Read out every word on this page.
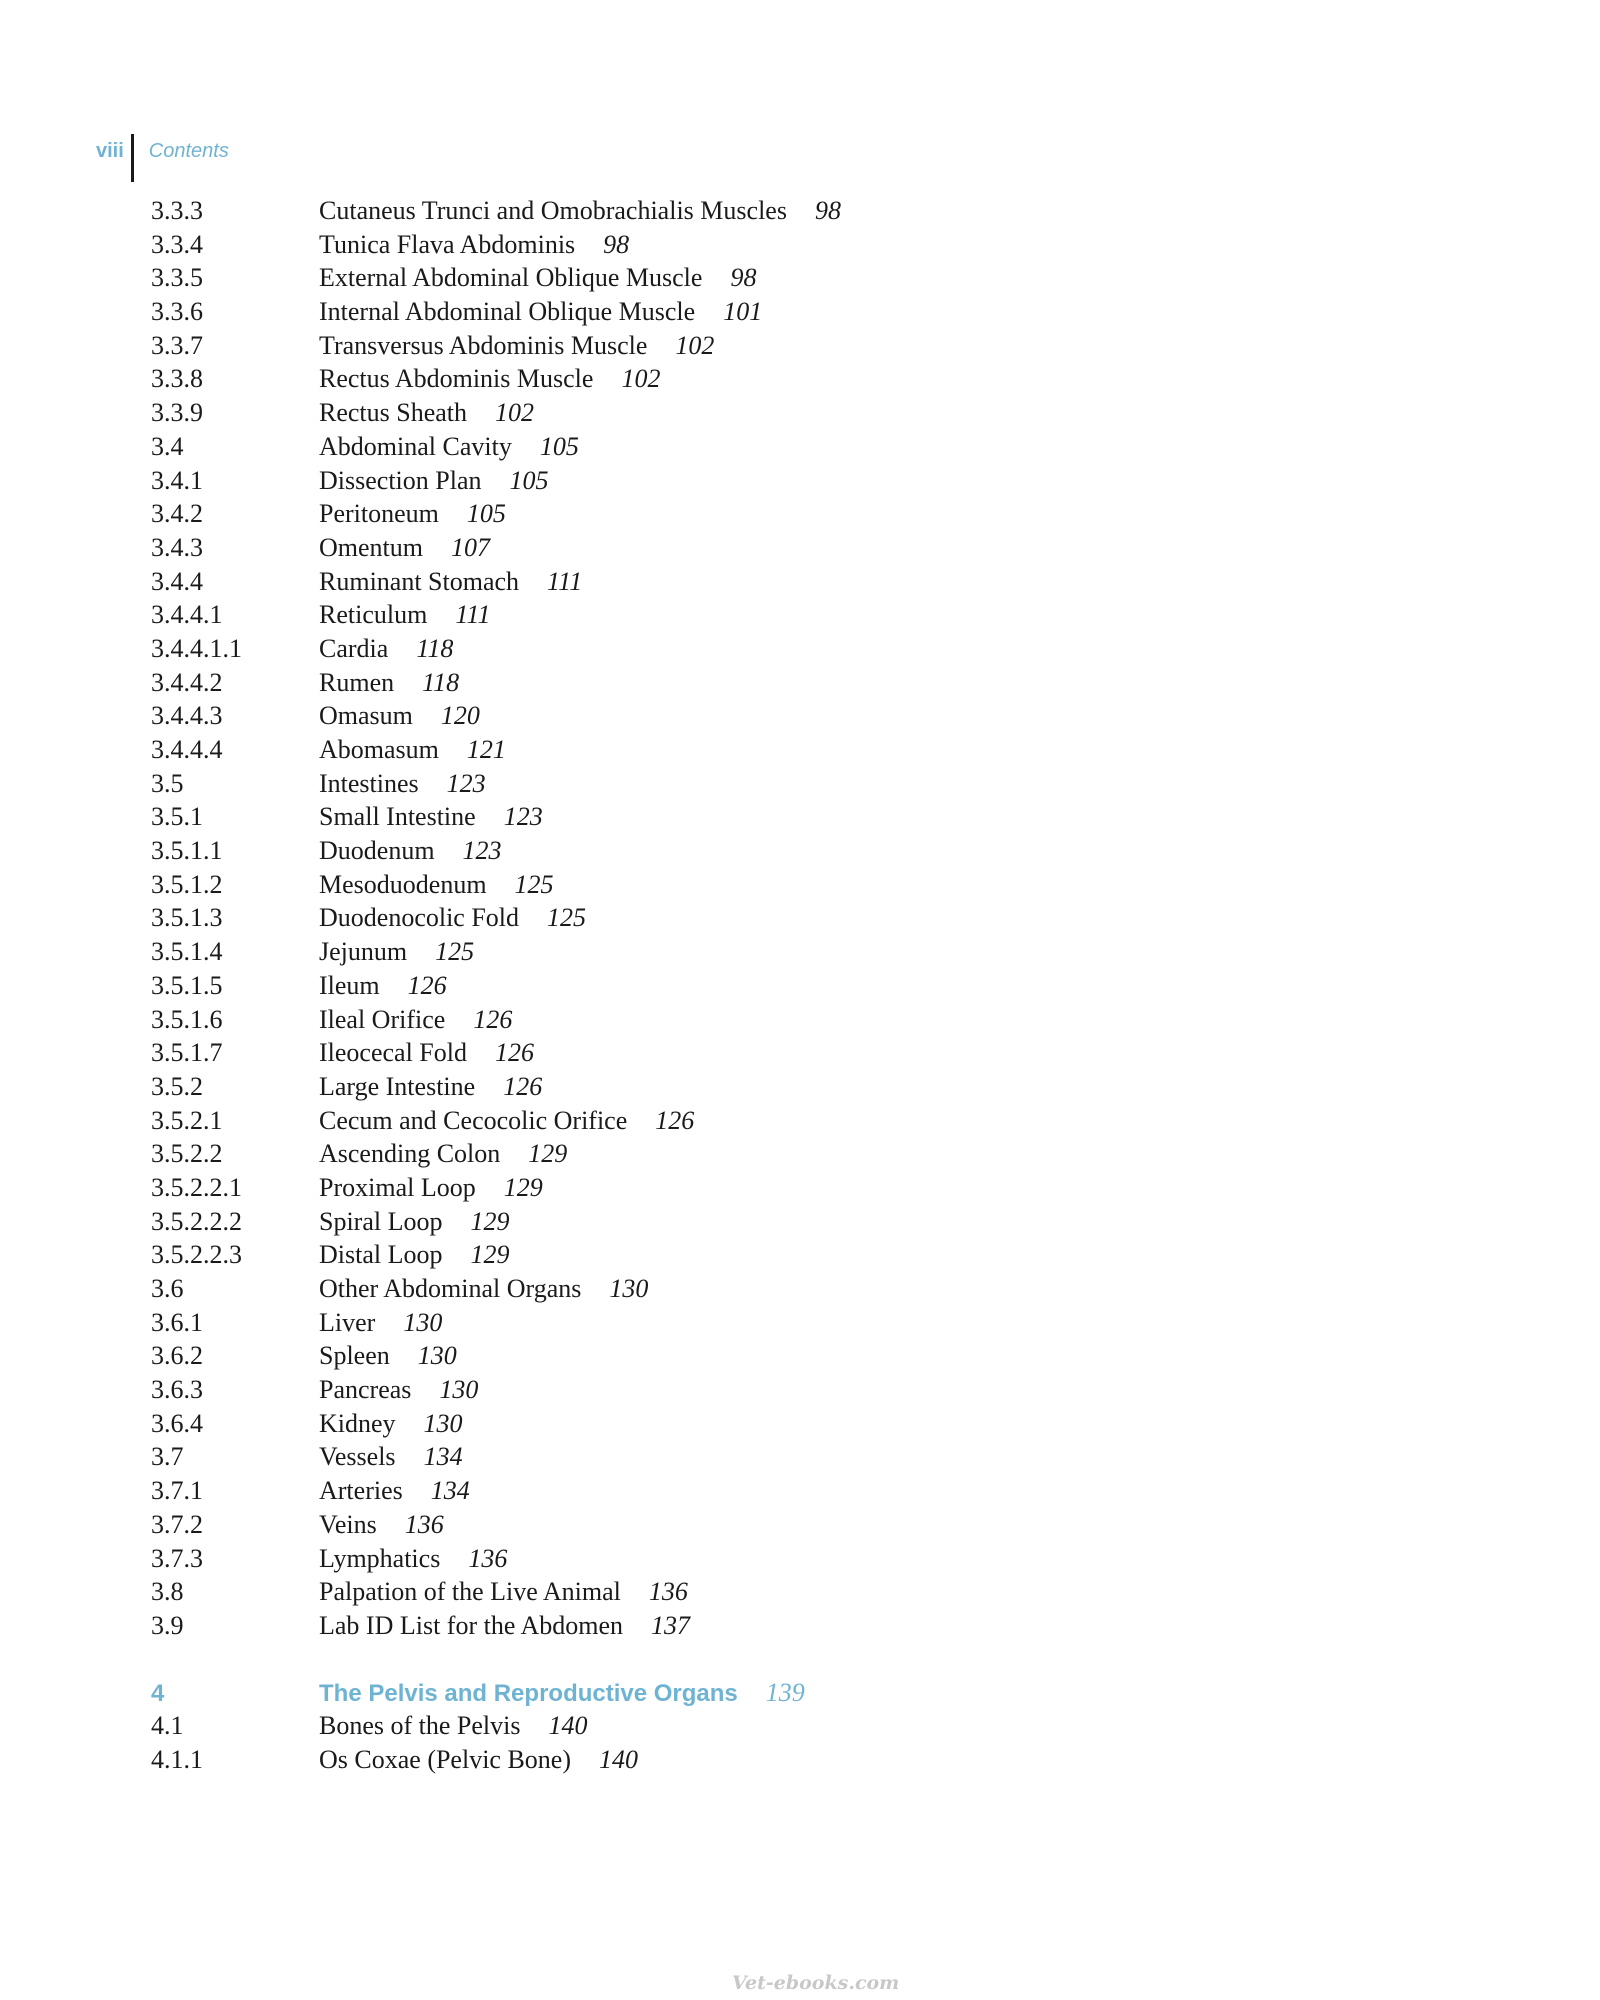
viii	Contents
3.3.3	Cutaneus Trunci and Omobrachialis Muscles	98
3.3.4	Tunica Flava Abdominis	98
3.3.5	External Abdominal Oblique Muscle	98
3.3.6	Internal Abdominal Oblique Muscle	101
3.3.7	Transversus Abdominis Muscle	102
3.3.8	Rectus Abdominis Muscle	102
3.3.9	Rectus Sheath	102
3.4	Abdominal Cavity	105
3.4.1	Dissection Plan	105
3.4.2	Peritoneum	105
3.4.3	Omentum	107
3.4.4	Ruminant Stomach	111
3.4.4.1	Reticulum	111
3.4.4.1.1	Cardia	118
3.4.4.2	Rumen	118
3.4.4.3	Omasum	120
3.4.4.4	Abomasum	121
3.5	Intestines	123
3.5.1	Small Intestine	123
3.5.1.1	Duodenum	123
3.5.1.2	Mesoduodenum	125
3.5.1.3	Duodenocolic Fold	125
3.5.1.4	Jejunum	125
3.5.1.5	Ileum	126
3.5.1.6	Ileal Orifice	126
3.5.1.7	Ileocecal Fold	126
3.5.2	Large Intestine	126
3.5.2.1	Cecum and Cecocolic Orifice	126
3.5.2.2	Ascending Colon	129
3.5.2.2.1	Proximal Loop	129
3.5.2.2.2	Spiral Loop	129
3.5.2.2.3	Distal Loop	129
3.6	Other Abdominal Organs	130
3.6.1	Liver	130
3.6.2	Spleen	130
3.6.3	Pancreas	130
3.6.4	Kidney	130
3.7	Vessels	134
3.7.1	Arteries	134
3.7.2	Veins	136
3.7.3	Lymphatics	136
3.8	Palpation of the Live Animal	136
3.9	Lab ID List for the Abdomen	137
4	The Pelvis and Reproductive Organs	139
4.1	Bones of the Pelvis	140
4.1.1	Os Coxae (Pelvic Bone)	140
Vet-ebooks.com
